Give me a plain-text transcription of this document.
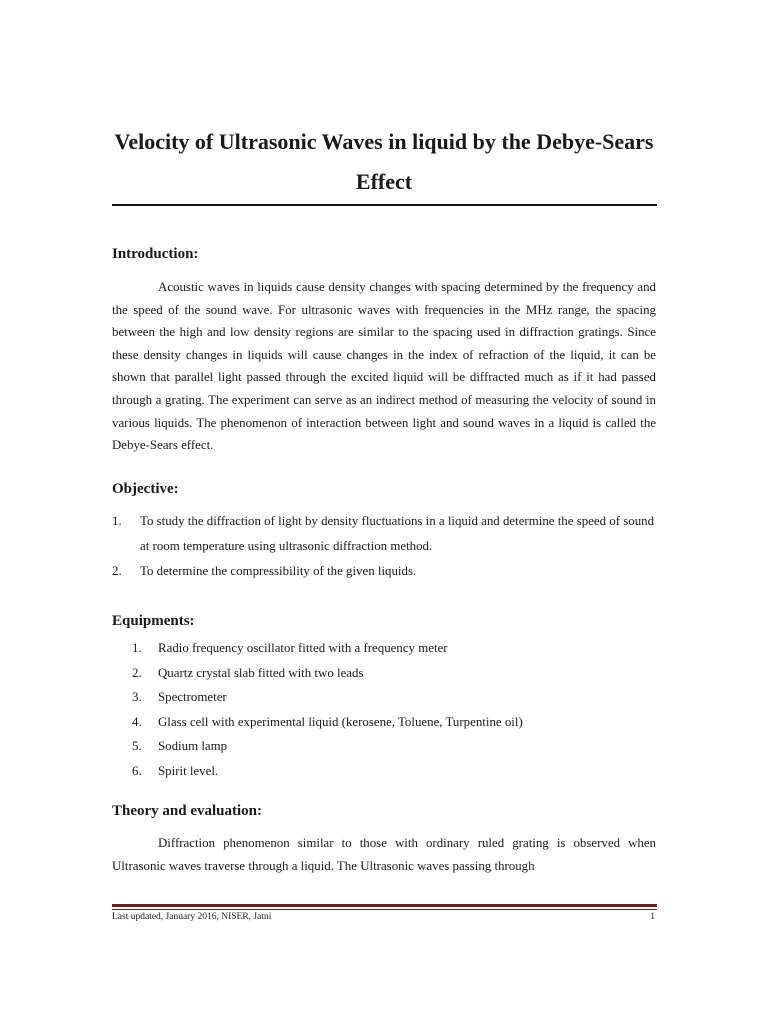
Velocity of Ultrasonic Waves in liquid by the Debye-Sears Effect
Introduction:

Acoustic waves in liquids cause density changes with spacing determined by the frequency and the speed of the sound wave. For ultrasonic waves with frequencies in the MHz range, the spacing between the high and low density regions are similar to the spacing used in diffraction gratings. Since these density changes in liquids will cause changes in the index of refraction of the liquid, it can be shown that parallel light passed through the excited liquid will be diffracted much as if it had passed through a grating. The experiment can serve as an indirect method of measuring the velocity of sound in various liquids. The phenomenon of interaction between light and sound waves in a liquid is called the Debye-Sears effect.

Objective:
1. To study the diffraction of light by density fluctuations in a liquid and determine the speed of sound at room temperature using ultrasonic diffraction method.
2. To determine the compressibility of the given liquids.
Equipments:
1. Radio frequency oscillator fitted with a frequency meter
2. Quartz crystal slab fitted with two leads
3. Spectrometer
4. Glass cell with experimental liquid (kerosene, Toluene, Turpentine oil)
5. Sodium lamp
6. Spirit level.
Theory and evaluation:

Diffraction phenomenon similar to those with ordinary ruled grating is observed when Ultrasonic waves traverse through a liquid. The Ultrasonic waves passing through

Last updated, January 2016, NISER, Jatni	1
